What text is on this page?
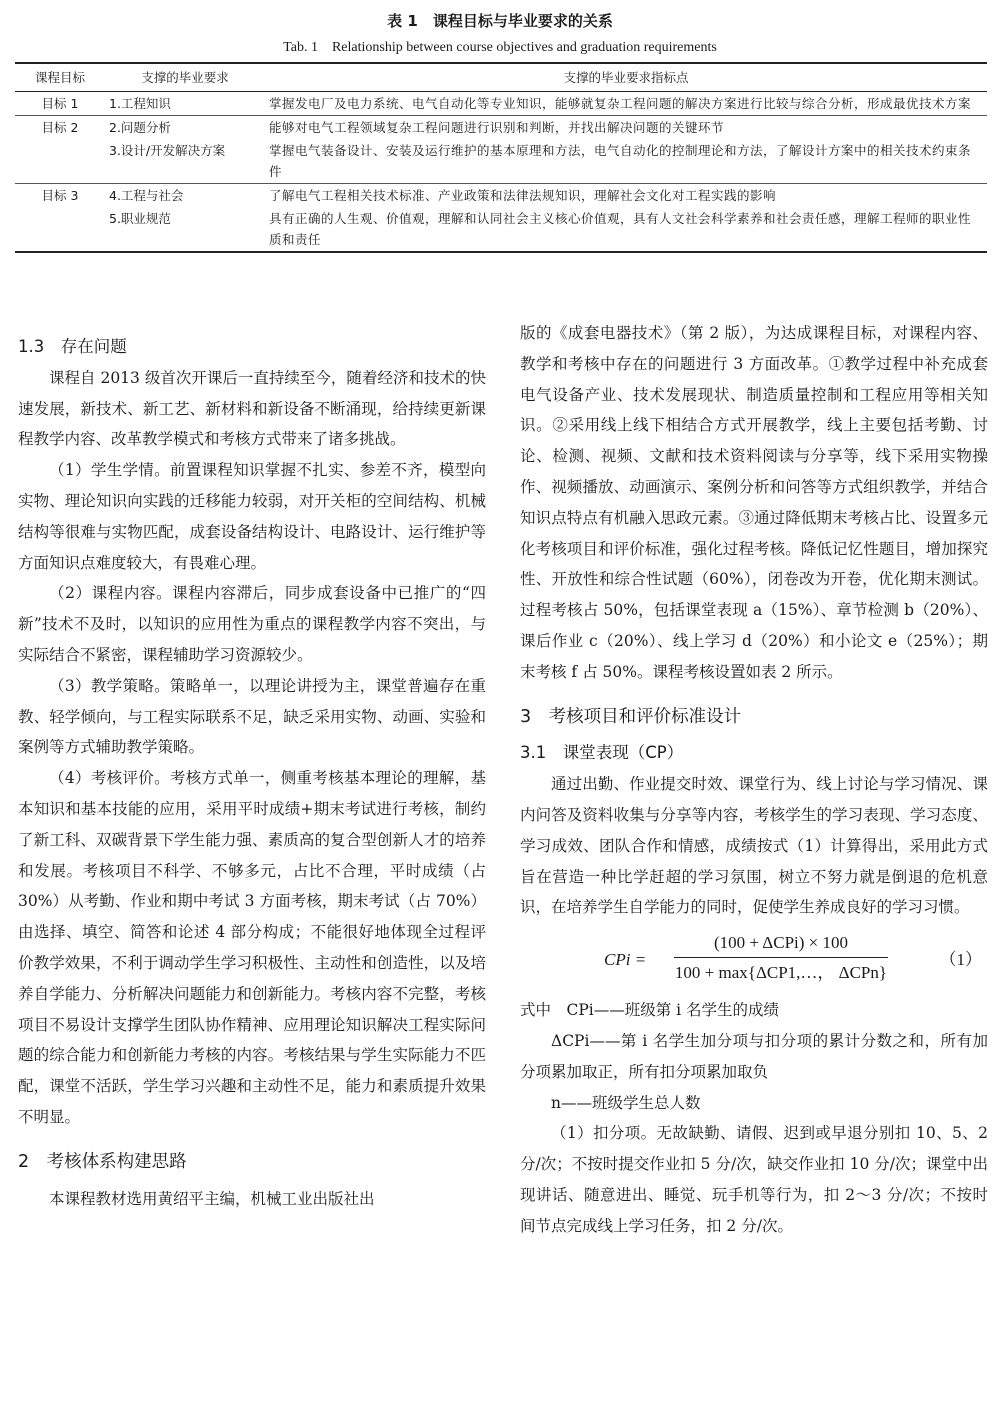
表 1　课程目标与毕业要求的关系
Tab. 1　Relationship between course objectives and graduation requirements
课程目标	支撑的毕业要求	支撑的毕业要求指标点
目标 1	1.工程知识	掌握发电厂及电力系统、电气自动化等专业知识，能够就复杂工程问题的解决方案进行比较与综合分析，形成最优技术方案
目标 2	2.问题分析	能够对电气工程领域复杂工程问题进行识别和判断，并找出解决问题的关键环节
	3.设计/开发解决方案	掌握电气装备设计、安装及运行维护的基本原理和方法，电气自动化的控制理论和方法，了解设计方案中的相关技术约束条件
目标 3	4.工程与社会	了解电气工程相关技术标准、产业政策和法律法规知识，理解社会文化对工程实践的影响
	5.职业规范	具有正确的人生观、价值观，理解和认同社会主义核心价值观，具有人文社会科学素养和社会责任感，理解工程师的职业性质和责任
1.3　存在问题

课程自 2013 级首次开课后一直持续至今，随着经济和技术的快速发展，新技术、新工艺、新材料和新设备不断涌现，给持续更新课程教学内容、改革教学模式和考核方式带来了诸多挑战。

（1）学生学情。前置课程知识掌握不扎实、参差不齐，模型向实物、理论知识向实践的迁移能力较弱，对开关柜的空间结构、机械结构等很难与实物匹配，成套设备结构设计、电路设计、运行维护等方面知识点难度较大，有畏难心理。

（2）课程内容。课程内容滞后，同步成套设备中已推广的“四新”技术不及时，以知识的应用性为重点的课程教学内容不突出，与实际结合不紧密，课程辅助学习资源较少。

（3）教学策略。策略单一，以理论讲授为主，课堂普遍存在重教、轻学倾向，与工程实际联系不足，缺乏采用实物、动画、实验和案例等方式辅助教学策略。

（4）考核评价。考核方式单一，侧重考核基本理论的理解，基本知识和基本技能的应用，采用平时成绩+期末考试进行考核，制约了新工科、双碳背景下学生能力强、素质高的复合型创新人才的培养和发展。考核项目不科学、不够多元，占比不合理，平时成绩（占 30%）从考勤、作业和期中考试 3 方面考核，期末考试（占 70%）由选择、填空、简答和论述 4 部分构成；不能很好地体现全过程评价教学效果，不利于调动学生学习积极性、主动性和创造性，以及培养自学能力、分析解决问题能力和创新能力。考核内容不完整，考核项目不易设计支撑学生团队协作精神、应用理论知识解决工程实际问题的综合能力和创新能力考核的内容。考核结果与学生实际能力不匹配，课堂不活跃，学生学习兴趣和主动性不足，能力和素质提升效果不明显。

2　考核体系构建思路

本课程教材选用黄绍平主编，机械工业出版社出

版的《成套电器技术》（第 2 版），为达成课程目标，对课程内容、教学和考核中存在的问题进行 3 方面改革。①教学过程中补充成套电气设备产业、技术发展现状、制造质量控制和工程应用等相关知识。②采用线上线下相结合方式开展教学，线上主要包括考勤、讨论、检测、视频、文献和技术资料阅读与分享等，线下采用实物操作、视频播放、动画演示、案例分析和问答等方式组织教学，并结合知识点特点有机融入思政元素。③通过降低期末考核占比、设置多元化考核项目和评价标准，强化过程考核。降低记忆性题目，增加探究性、开放性和综合性试题（60%），闭卷改为开卷，优化期末测试。过程考核占 50%，包括课堂表现 a（15%）、章节检测 b（20%）、课后作业 c（20%）、线上学习 d（20%）和小论文 e（25%）；期末考核 f 占 50%。课程考核设置如表 2 所示。

3　考核项目和评价标准设计
3.1　课堂表现（CP）

通过出勤、作业提交时效、课堂行为、线上讨论与学习情况、课内问答及资料收集与分享等内容，考核学生的学习表现、学习态度、学习成效、团队合作和情感，成绩按式（1）计算得出，采用此方式旨在营造一种比学赶超的学习氛围，树立不努力就是倒退的危机意识，在培养学生自学能力的同时，促使学生养成良好的学习习惯。

CPi =
(100 + ΔCPi) × 100
100 + max{ΔCP1,…， ΔCPn}
（1）

式中　CPi——班级第 i 名学生的成绩

ΔCPi——第 i 名学生加分项与扣分项的累计分数之和，所有加分项累加取正，所有扣分项累加取负

n——班级学生总人数

（1）扣分项。无故缺勤、请假、迟到或早退分别扣 10、5、2 分/次；不按时提交作业扣 5 分/次，缺交作业扣 10 分/次；课堂中出现讲话、随意进出、睡觉、玩手机等行为，扣 2～3 分/次；不按时间节点完成线上学习任务，扣 2 分/次。
